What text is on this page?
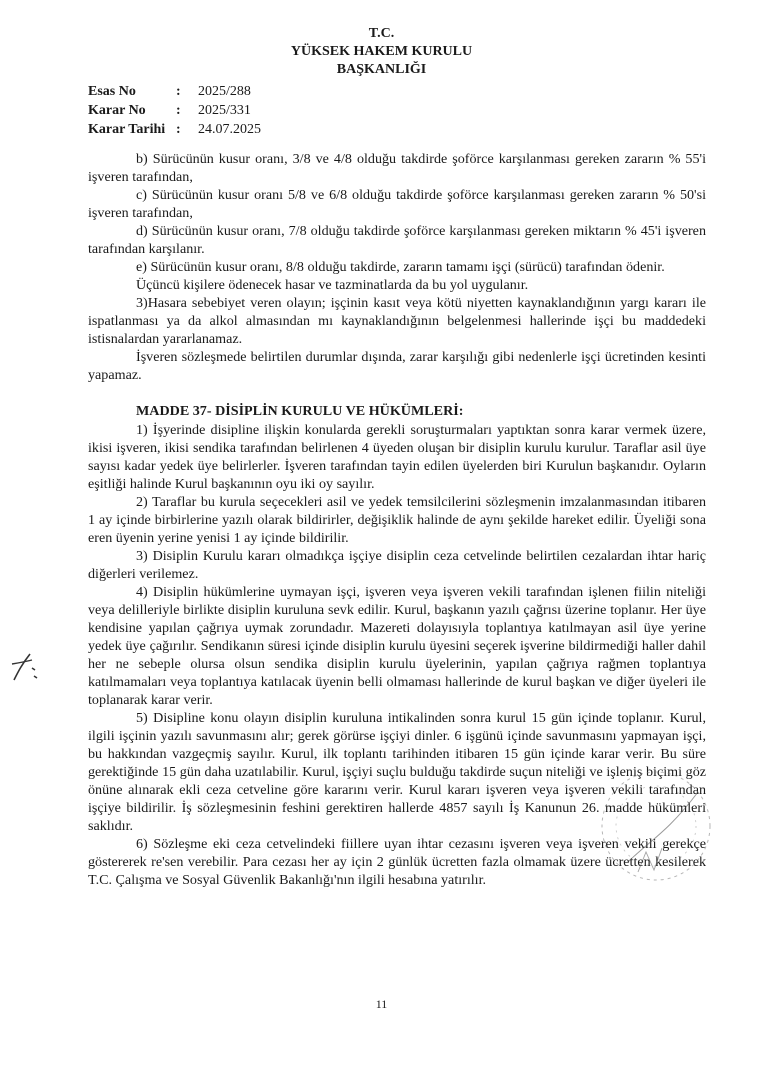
T.C.
YÜKSEK HAKEM KURULU
BAŞKANLIĞI
Esas No	: 2025/288
Karar No : 2025/331
Karar Tarihi : 24.07.2025

b) Sürücünün kusur oranı, 3/8 ve 4/8 olduğu takdirde şoförce karşılanması gereken zararın % 55'i işveren tarafından,

c) Sürücünün kusur oranı 5/8 ve 6/8 olduğu takdirde şoförce karşılanması gereken zararın % 50'si işveren tarafından,

d) Sürücünün kusur oranı, 7/8 olduğu takdirde şoförce karşılanması gereken miktarın % 45'i işveren tarafından karşılanır.

e) Sürücünün kusur oranı, 8/8 olduğu takdirde, zararın tamamı işçi (sürücü) tarafından ödenir.

Üçüncü kişilere ödenecek hasar ve tazminatlarda da bu yol uygulanır.

3)Hasara sebebiyet veren olayın; işçinin kasıt veya kötü niyetten kaynaklandığının yargı kararı ile ispatlanması ya da alkol almasından mı kaynaklandığının belgelenmesi hallerinde işçi bu maddedeki istisnalardan yararlanamaz.

İşveren sözleşmede belirtilen durumlar dışında, zarar karşılığı gibi nedenlerle işçi ücretinden kesinti yapamaz.

MADDE 37- DİSİPLİN KURULU VE HÜKÜMLERİ:

1) İşyerinde disipline ilişkin konularda gerekli soruşturmaları yaptıktan sonra karar vermek üzere, ikisi işveren, ikisi sendika tarafından belirlenen 4 üyeden oluşan bir disiplin kurulu kurulur. Taraflar asil üye sayısı kadar yedek üye belirlerler. İşveren tarafından tayin edilen üyelerden biri Kurulun başkanıdır. Oyların eşitliği halinde Kurul başkanının oyu iki oy sayılır.

2) Taraflar bu kurula seçecekleri asil ve yedek temsilcilerini sözleşmenin imzalanmasından itibaren 1 ay içinde birbirlerine yazılı olarak bildirirler, değişiklik halinde de aynı şekilde hareket edilir. Üyeliği sona eren üyenin yerine yenisi 1 ay içinde bildirilir.

3) Disiplin Kurulu kararı olmadıkça işçiye disiplin ceza cetvelinde belirtilen cezalardan ihtar hariç diğerleri verilemez.

4) Disiplin hükümlerine uymayan işçi, işveren veya işveren vekili tarafından işlenen fiilin niteliği veya delilleriyle birlikte disiplin kuruluna sevk edilir. Kurul, başkanın yazılı çağrısı üzerine toplanır. Her üye kendisine yapılan çağrıya uymak zorundadır. Mazereti dolayısıyla toplantıya katılmayan asil üye yerine yedek üye çağırılır. Sendikanın süresi içinde disiplin kurulu üyesini seçerek işverine bildirmediği haller dahil her ne sebeple olursa olsun sendika disiplin kurulu üyelerinin, yapılan çağrıya rağmen toplantıya katılmamaları veya toplantıya katılacak üyenin belli olmaması hallerinde de kurul başkan ve diğer üyeleri ile toplanarak karar verir.

5) Disipline konu olayın disiplin kuruluna intikalinden sonra kurul 15 gün içinde toplanır. Kurul, ilgili işçinin yazılı savunmasını alır; gerek görürse işçiyi dinler. 6 işgünü içinde savunmasını yapmayan işçi, bu hakkından vazgeçmiş sayılır. Kurul, ilk toplantı tarihinden itibaren 15 gün içinde karar verir. Bu süre gerektiğinde 15 gün daha uzatılabilir. Kurul, işçiyi suçlu bulduğu takdirde suçun niteliği ve işleniş biçimi göz önüne alınarak ekli ceza cetveline göre kararını verir. Kurul kararı işveren veya işveren vekili tarafından işçiye bildirilir. İş sözleşmesinin feshini gerektiren hallerde 4857 sayılı İş Kanunun 26. madde hükümleri saklıdır.

6) Sözleşme eki ceza cetvelindeki fiillere uyan ihtar cezasını işveren veya işveren vekili gerekçe göstererek re'sen verebilir. Para cezası her ay için 2 günlük ücretten fazla olmamak üzere ücretten kesilerek T.C. Çalışma ve Sosyal Güvenlik Bakanlığı'nın ilgili hesabına yatırılır.

11
